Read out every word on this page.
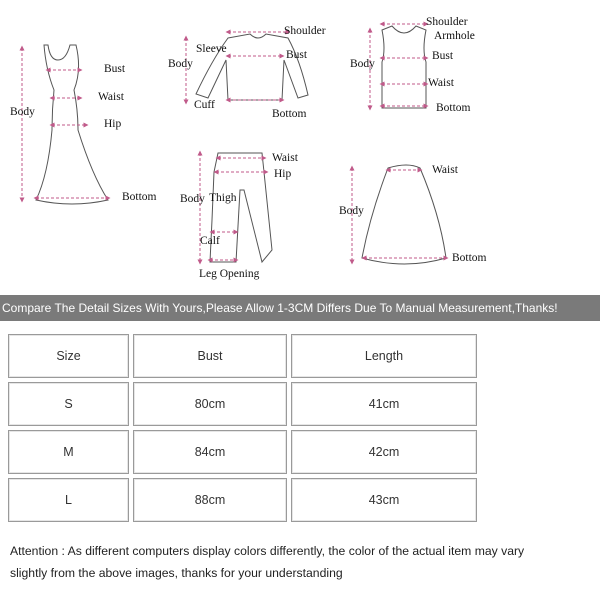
Bust
Waist
Hip
Body
Bottom
Shoulder
Sleeve	Bust
Body
Cuff
Bottom
Shoulder
Armhole
Bust
Body
Waist
Bottom
Waist
Hip
Body Thigh
Calf
Leg Opening
Waist
Body
Bottom
Compare The Detail Sizes With Yours,Please Allow 1-3CM Differs Due To Manual Measurement,Thanks!
Size	Bust	Length
S	80cm	41cm
M	84cm	42cm
L	88cm	43cm
Attention : As different computers display colors differently, the color of the actual item may vary
slightly from the above images, thanks for your understanding
